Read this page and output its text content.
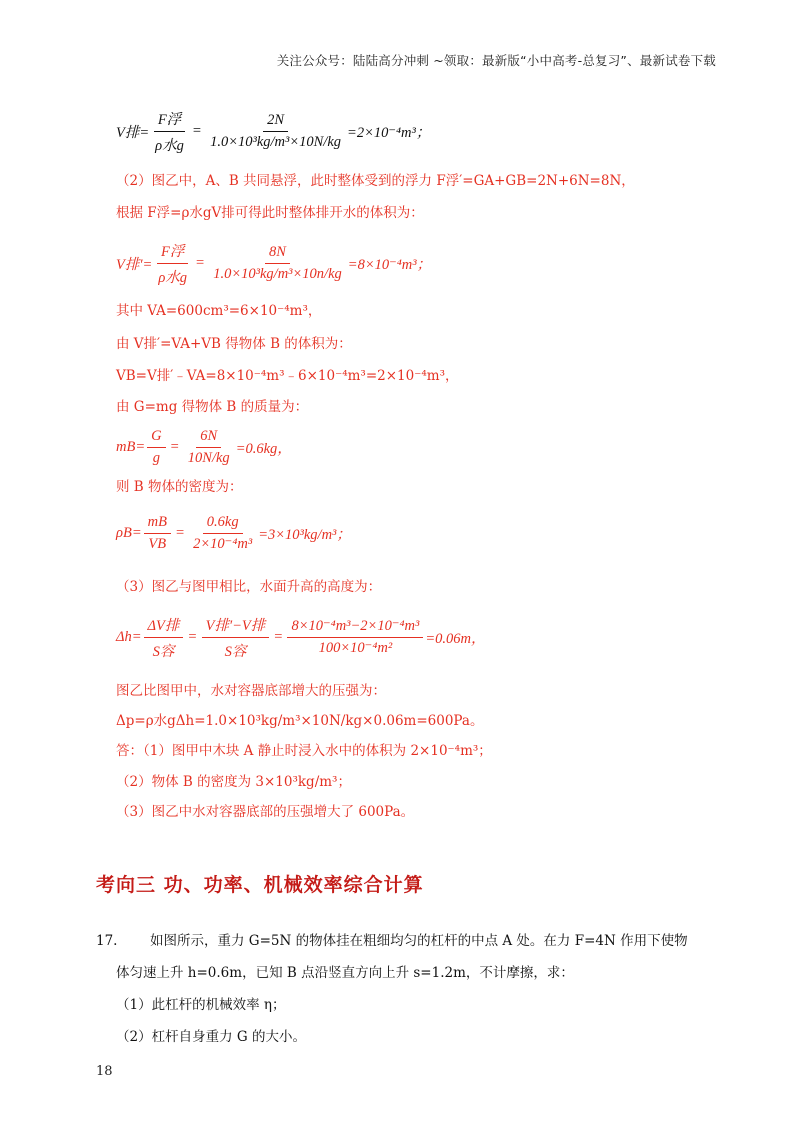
关注公众号：陆陆高分冲刺 ~领取：最新版“小中高考-总复习”、最新试卷下载
V排= $\frac{\text{F浮}}{\text{ρ水g}} = \frac{2N}{\text{1.0×10³kg/m³×10N/kg}} =2\times 10^{-4}m^3$；
（2）图乙中，A、B 共同悬浮，此时整体受到的浮力 F浮′=GA+GB=2N+6N=8N，
根据 F浮=ρ水gV排可得此时整体排开水的体积为：
V排′= $\frac{\text{F浮}}{\text{ρ水g}} = \frac{8N}{\text{1.0×10³kg/m³×10n/kg}} =8\times 10^{-4}m^3$；
其中 VA=600cm³=6×10⁻⁴m³，
由 V排′=VA+VB 得物体 B 的体积为：
VB=V排′﹣VA=8×10⁻⁴m³﹣6×10⁻⁴m³=2×10⁻⁴m³，
由 G=mg 得物体 B 的质量为：
$mB= \frac{G}{g} = \frac{6N}{10N/kg} =0.6kg$，
则 B 物体的密度为：
$\rho B= \frac{mB}{VB} = \frac{0.6kg}{\text{2×10⁻⁴m³}} =3\times 10^3kg/m^3$；
（3）图乙与图甲相比，水面升高的高度为：
$\Delta h= \frac{\text{ΔV排}}{\text{S容}} = \frac{\text{V排′−V排}}{\text{S容}} = \frac{\text{8×10⁻⁴m³−2×10⁻⁴m³}}{\text{100×10⁻⁴m²}} =0.06m$，
图乙比图甲中，水对容器底部增大的压强为：
Δp=ρ水gΔh=1.0×10³kg/m³×10N/kg×0.06m=600Pa。
答：（1）图甲中木块 A 静止时浸入水中的体积为 2×10⁻⁴m³；
（2）物体 B 的密度为 3×10³kg/m³；
（3）图乙中水对容器底部的压强增大了 600Pa。
考向三 功、功率、机械效率综合计算
17. 如图所示，重力 G=5N 的物体挂在粗细均匀的杠杆的中点 A 处。在力 F=4N 作用下使物
体匀速上升 h=0.6m，已知 B 点沿竖直方向上升 s=1.2m，不计摩擦，求：
（1）此杠杆的机械效率 η；
（2）杠杆自身重力 G 的大小。
18
